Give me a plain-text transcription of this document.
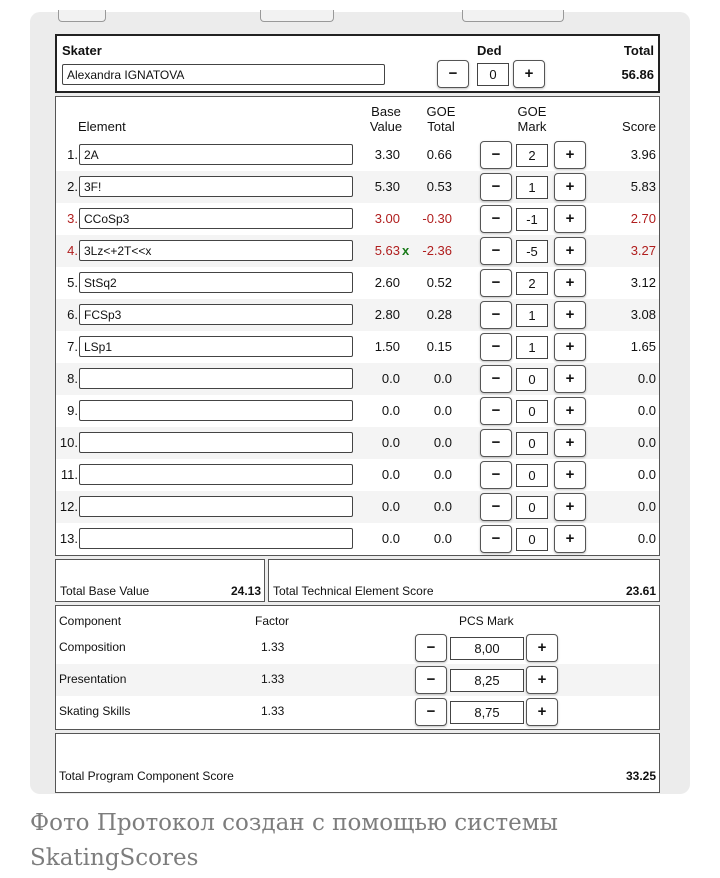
Skater
Alexandra IGNATOVA
Ded
−	0	+
Total
56.86
Element
Base
Value
GOE
Total
GOE
Mark	Score
1. 2A	3.30	0.66	−	2	+	3.96
2. 3F!	5.30	0.53	−	1	+	5.83
3. CCoSp3	3.00	-0.30	−	-1	+	2.70
4. 3Lz<+2T<<x	5.63 x	-2.36	−	-5	+	3.27
5. StSq2	2.60	0.52	−	2	+	3.12
6. FCSp3	2.80	0.28	−	1	+	3.08
7. LSp1	1.50	0.15	−	1	+	1.65
8.	0.0	0.0	−	0	+	0.0
9.	0.0	0.0	−	0	+	0.0
10.	0.0	0.0	−	0	+	0.0
11.	0.0	0.0	−	0	+	0.0
12.	0.0	0.0	−	0	+	0.0
13.	0.0	0.0	−	0	+	0.0
Total Base Value	24.13 Total Technical Element Score	23.61
Component	Factor	PCS Mark
Composition	1.33	−	8,00	+
Presentation	1.33	−	8,25	+
Skating Skills	1.33	−	8,75	+
Total Program Component Score	33.25
Фото Протокол создан с помощью системы SkatingScores
